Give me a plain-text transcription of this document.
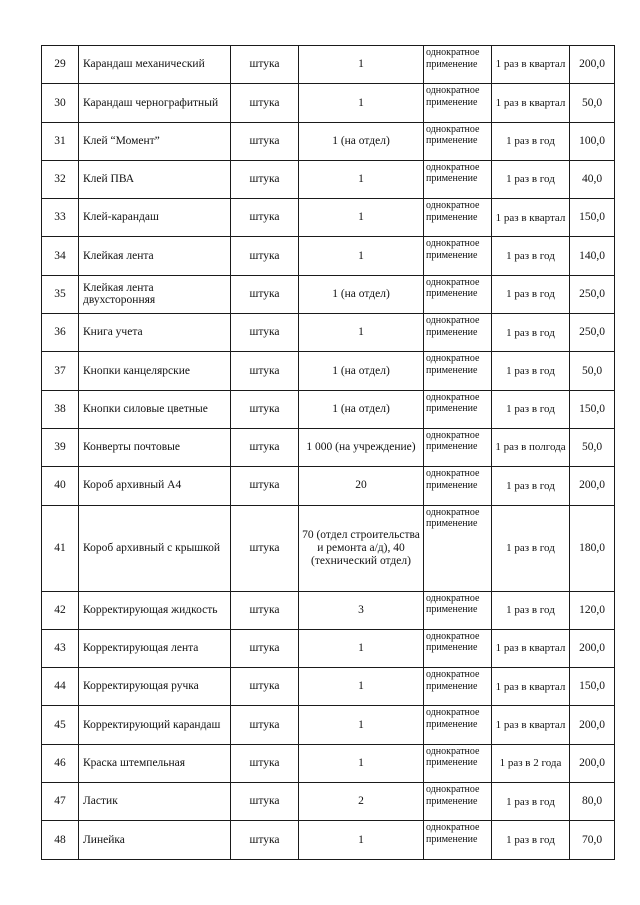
29	Карандаш механический	штука	1	однократное применение	1 раз в квартал	200,0
30	Карандаш чернографитный	штука	1	однократное применение	1 раз в квартал	50,0
31	Клей “Момент”	штука	1 (на отдел)	однократное применение	1 раз в год	100,0
32	Клей ПВА	штука	1	однократное применение	1 раз в год	40,0
33	Клей-карандаш	штука	1	однократное применение	1 раз в квартал	150,0
34	Клейкая лента	штука	1	однократное применение	1 раз в год	140,0
35	Клейкая лента двухсторонняя	штука	1 (на отдел)	однократное применение	1 раз в год	250,0
36	Книга учета	штука	1	однократное применение	1 раз в год	250,0
37	Кнопки канцелярские	штука	1 (на отдел)	однократное применение	1 раз в год	50,0
38	Кнопки силовые цветные	штука	1 (на отдел)	однократное применение	1 раз в год	150,0
39	Конверты почтовые	штука	1 000 (на учреждение)	однократное применение	1 раз в полгода	50,0
40	Короб архивный А4	штука	20	однократное применение	1 раз в год	200,0
41	Короб архивный с крышкой	штука	70 (отдел строительства и ремонта а/д), 40 (технический отдел)	однократное применение	1 раз в год	180,0
42	Корректирующая жидкость	штука	3	однократное применение	1 раз в год	120,0
43	Корректирующая лента	штука	1	однократное применение	1 раз в квартал	200,0
44	Корректирующая ручка	штука	1	однократное применение	1 раз в квартал	150,0
45	Корректирующий карандаш	штука	1	однократное применение	1 раз в квартал	200,0
46	Краска штемпельная	штука	1	однократное применение	1 раз в 2 года	200,0
47	Ластик	штука	2	однократное применение	1 раз в год	80,0
48	Линейка	штука	1	однократное применение	1 раз в год	70,0
